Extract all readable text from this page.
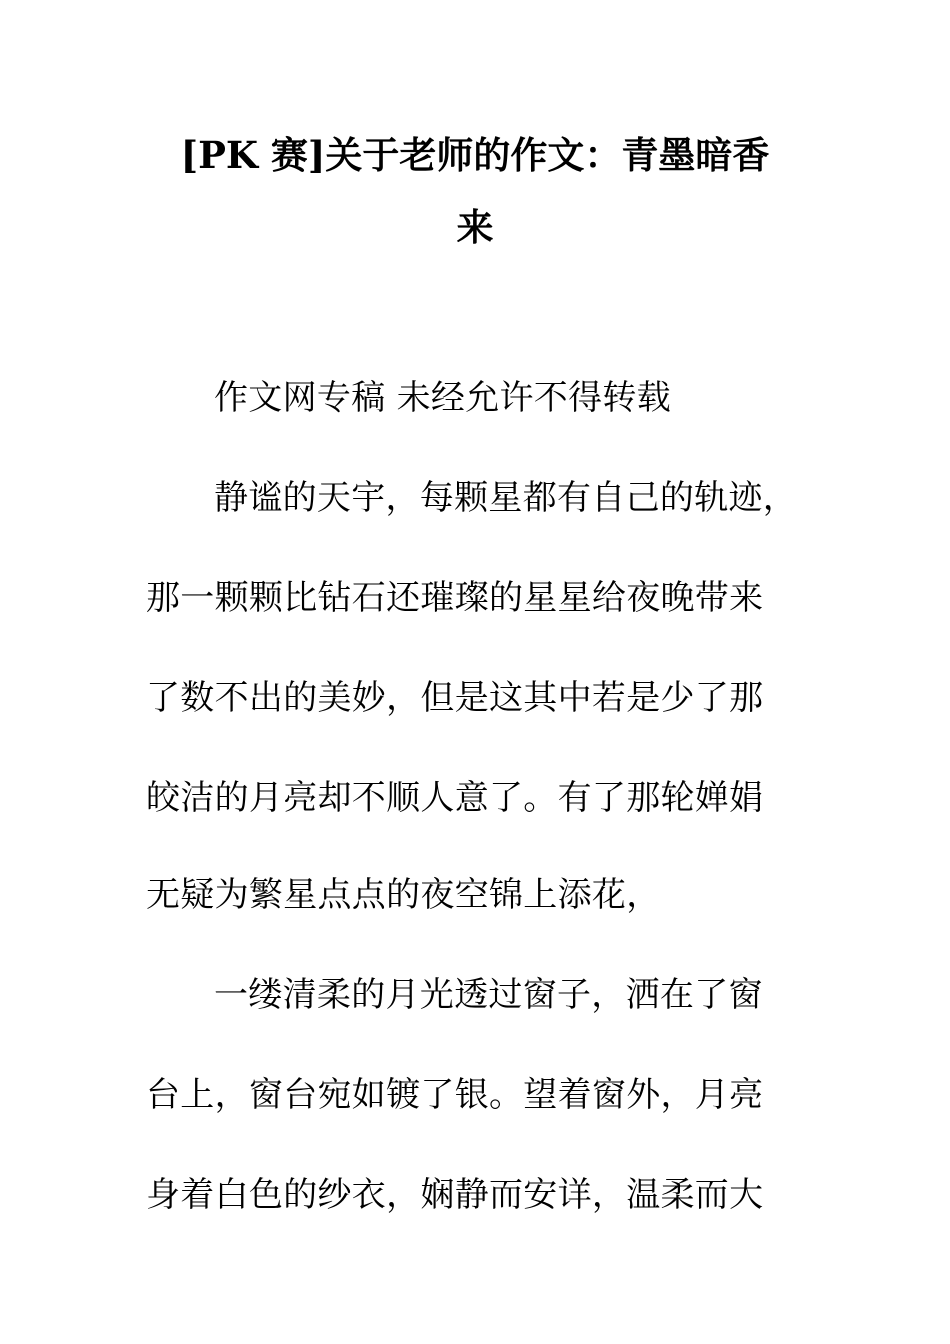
[PK 赛]关于老师的作文：青墨暗香
来
作文网专稿 未经允许不得转载
静谧的天宇，每颗星都有自己的轨迹，
那一颗颗比钻石还璀璨的星星给夜晚带来
了数不出的美妙，但是这其中若是少了那
皎洁的月亮却不顺人意了。有了那轮婵娟
无疑为繁星点点的夜空锦上添花，
一缕清柔的月光透过窗子，洒在了窗
台上，窗台宛如镀了银。望着窗外，月亮
身着白色的纱衣，娴静而安详，温柔而大
